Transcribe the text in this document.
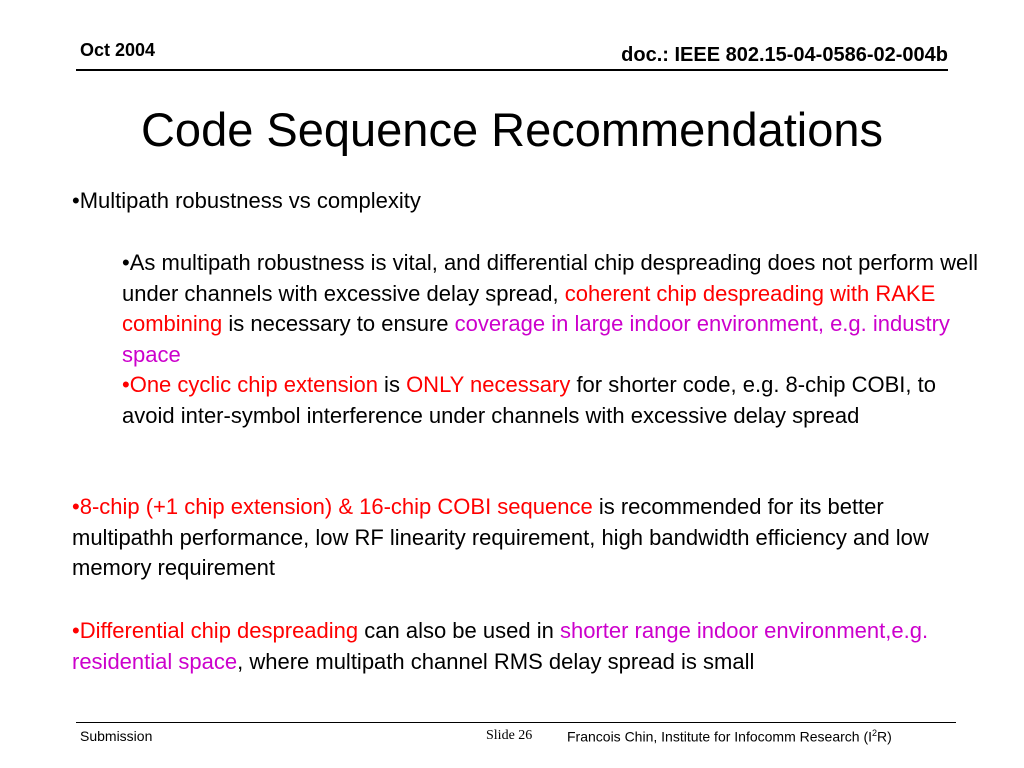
Oct 2004	doc.: IEEE 802.15-04-0586-02-004b
Code Sequence Recommendations
•Multipath robustness vs complexity
•As multipath robustness is vital, and differential chip despreading does not perform well under channels with excessive delay spread, coherent chip despreading with RAKE combining is necessary to ensure coverage in large indoor environment, e.g. industry space
•One cyclic chip extension is ONLY necessary for shorter code, e.g. 8-chip COBI, to avoid inter-symbol interference under channels with excessive delay spread
•8-chip (+1 chip extension) & 16-chip COBI sequence is recommended for its better multipathh performance, low RF linearity requirement, high bandwidth efficiency and low memory requirement
•Differential chip despreading can also be used in shorter range indoor environment,e.g. residential space, where multipath channel RMS delay spread is small
Submission	Slide 26 Francois Chin, Institute for Infocomm Research $(I^2R)$
